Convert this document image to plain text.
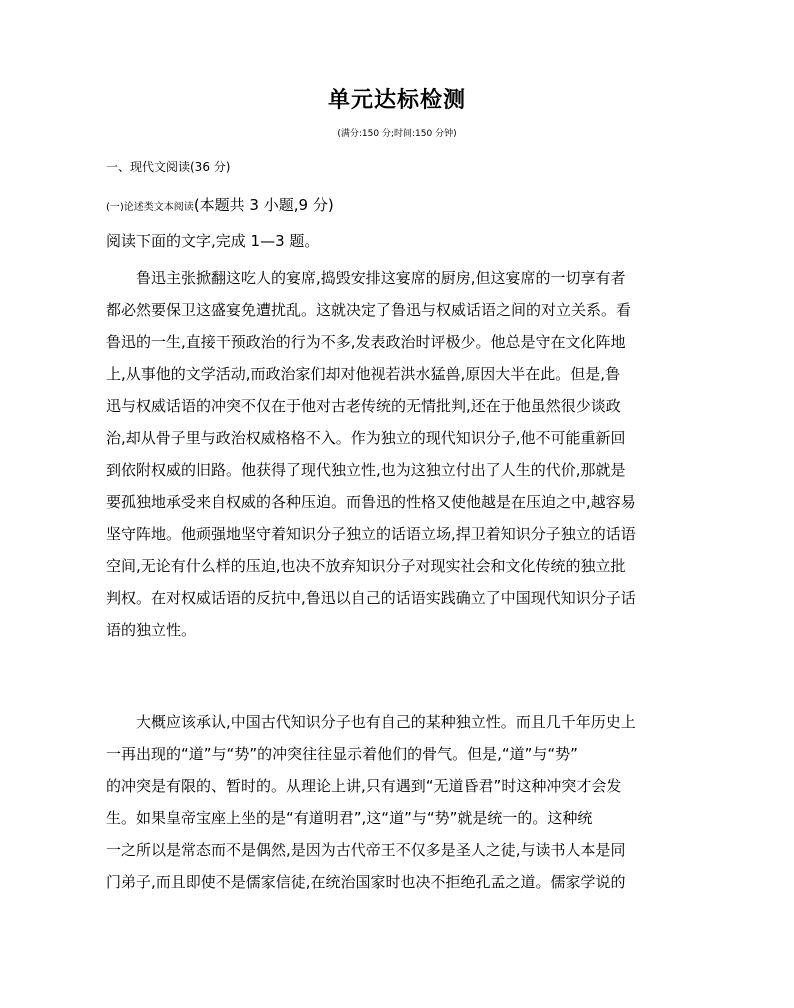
单元达标检测
(满分:150 分;时间:150 分钟)
一、现代文阅读(36 分)
(一)论述类文本阅读(本题共 3 小题,9 分)
阅读下面的文字,完成 1—3 题。
鲁迅主张掀翻这吃人的宴席,捣毁安排这宴席的厨房,但这宴席的一切享有者
都必然要保卫这盛宴免遭扰乱。这就决定了鲁迅与权威话语之间的对立关系。看
鲁迅的一生,直接干预政治的行为不多,发表政治时评极少。他总是守在文化阵地
上,从事他的文学活动,而政治家们却对他视若洪水猛兽,原因大半在此。但是,鲁
迅与权威话语的冲突不仅在于他对古老传统的无情批判,还在于他虽然很少谈政
治,却从骨子里与政治权威格格不入。作为独立的现代知识分子,他不可能重新回
到依附权威的旧路。他获得了现代独立性,也为这独立付出了人生的代价,那就是
要孤独地承受来自权威的各种压迫。而鲁迅的性格又使他越是在压迫之中,越容易
坚守阵地。他顽强地坚守着知识分子独立的话语立场,捍卫着知识分子独立的话语
空间,无论有什么样的压迫,也决不放弃知识分子对现实社会和文化传统的独立批
判权。在对权威话语的反抗中,鲁迅以自己的话语实践确立了中国现代知识分子话
语的独立性。
大概应该承认,中国古代知识分子也有自己的某种独立性。而且几千年历史上
一再出现的“道”与“势”的冲突往往显示着他们的骨气。但是,“道”与“势”
的冲突是有限的、暂时的。从理论上讲,只有遇到“无道昏君”时这种冲突才会发
生。如果皇帝宝座上坐的是“有道明君”,这“道”与“势”就是统一的。这种统
一之所以是常态而不是偶然,是因为古代帝王不仅多是圣人之徒,与读书人本是同
门弟子,而且即使不是儒家信徒,在统治国家时也决不拒绝孔孟之道。儒家学说的
